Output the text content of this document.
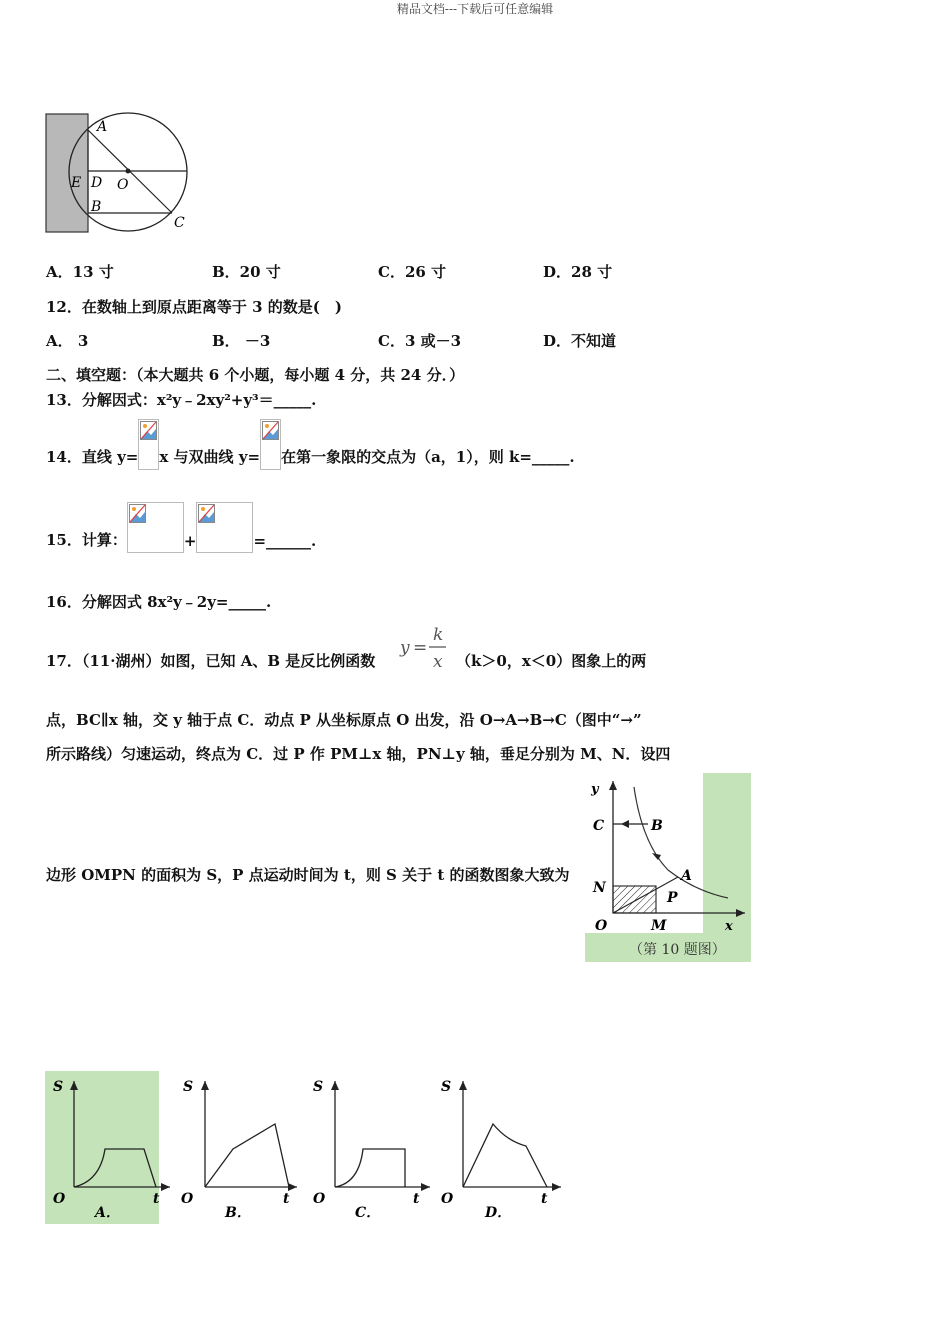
精品文档---下载后可任意编辑
A
E D O
B
C
A．13 寸	B．20 寸	C．26 寸	D．28 寸
12．在数轴上到原点距离等于 3 的数是(　)
A． 3	B． －3	C．3 或－3	D．不知道
二、填空题：（本大题共 6 个小题，每小题 4 分，共 24 分．）
13．分解因式：x²y﹣2xy²+y³＝_____.
14．直线 y= x 与双曲线 y= 在第一象限的交点为（a，1），则 k=_____.
15．计算：	+	=______.
16．分解因式 8x²y﹣2y=_____.
17．（11·湖州）如图，已知 A、B 是反比例函数
y =
k
x （k＞0，x＜0）图象上的两
点，BC∥x 轴，交 y 轴于点 C．动点 P 从坐标原点 O 出发，沿 O→A→B→C（图中“→”
所示路线）匀速运动，终点为 C．过 P 作 PM⊥x 轴，PN⊥y 轴，垂足分别为 M、N．设四
边形 OMPN 的面积为 S，P 点运动时间为 t，则 S 关于 t 的函数图象大致为
y
C	B
N
A
P
O	M	x
（第 10 题图）
S
O	t
A．
S
O	t
B．
S
O	t
C．
S
O	t
D．
